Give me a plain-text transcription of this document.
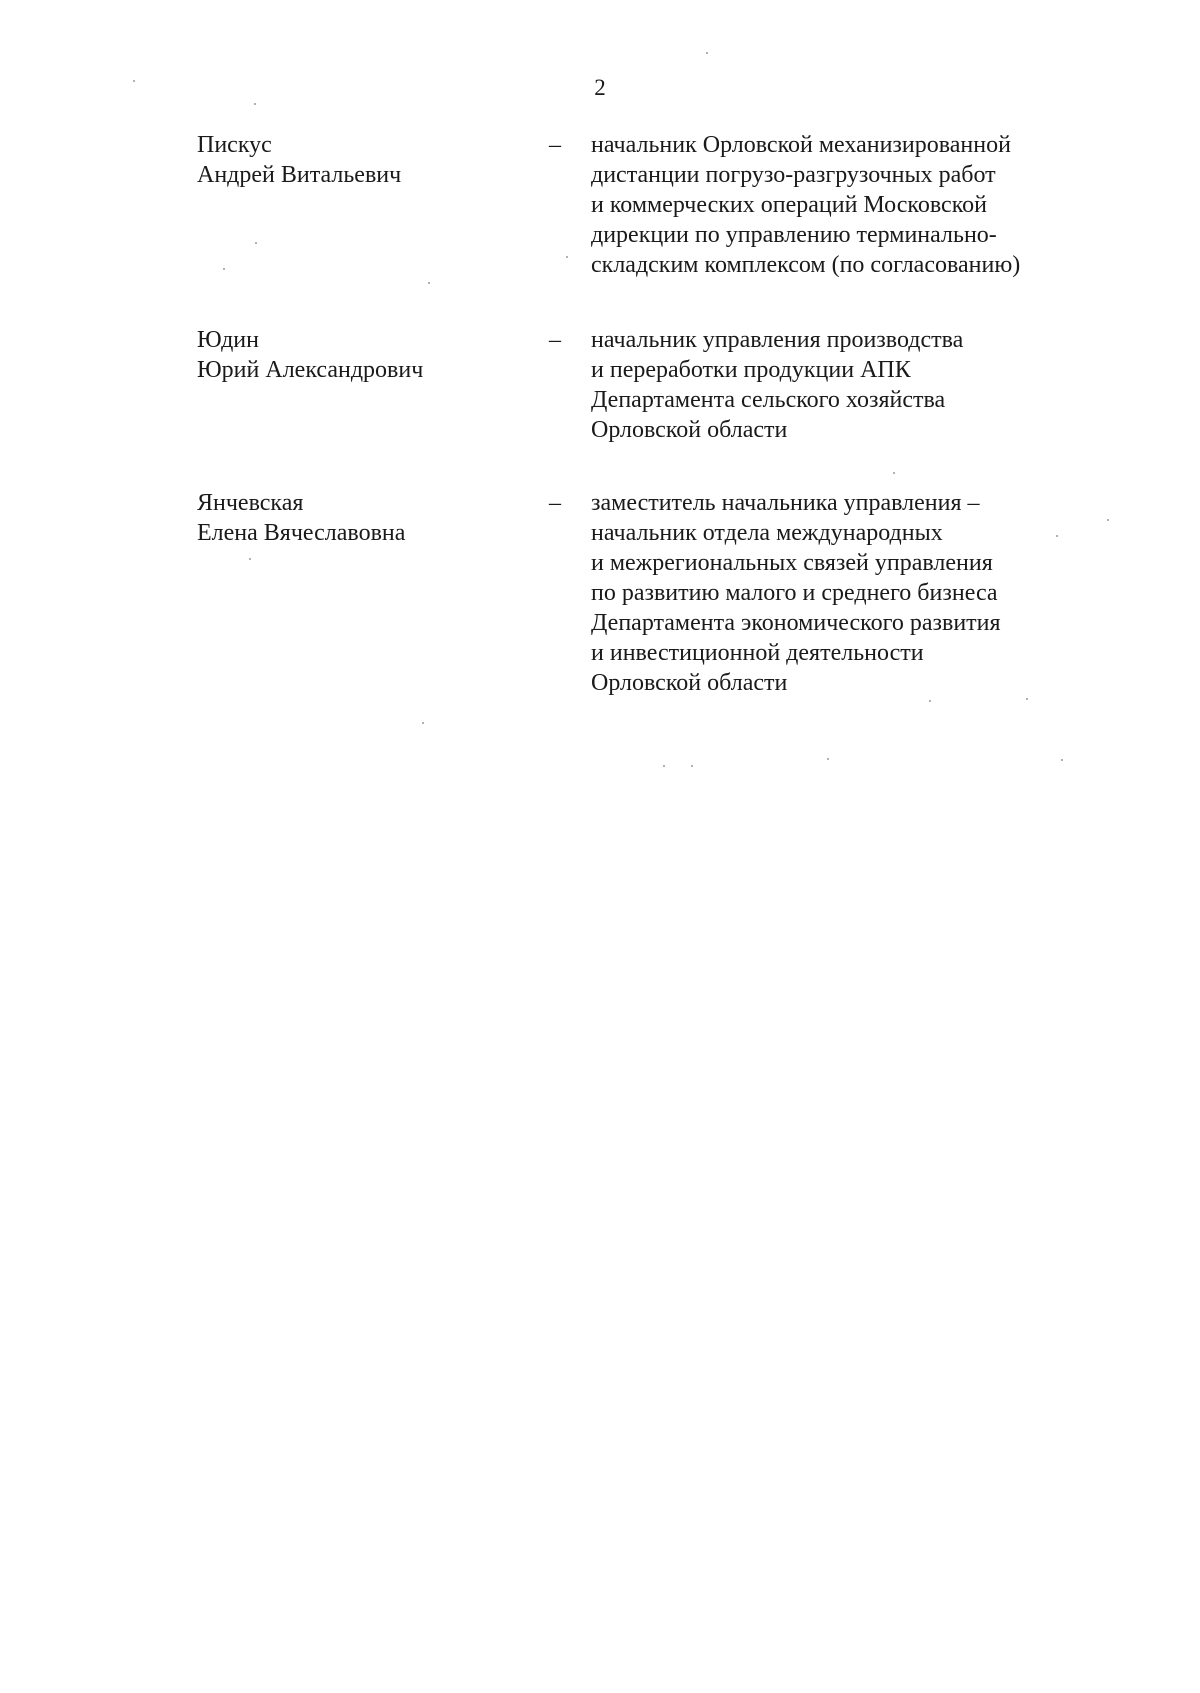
2
Пискус
Андрей Витальевич
– начальник Орловской механизированной
дистанции погрузо-разгрузочных работ
и коммерческих операций Московской
дирекции по управлению терминально-
складским комплексом (по согласованию)
Юдин
Юрий Александрович
– начальник управления производства
и переработки продукции АПК
Департамента сельского хозяйства
Орловской области
Янчевская
Елена Вячеславовна
– заместитель начальника управления –
начальник отдела международных
и межрегиональных связей управления
по развитию малого и среднего бизнеса
Департамента экономического развития
и инвестиционной деятельности
Орловской области
